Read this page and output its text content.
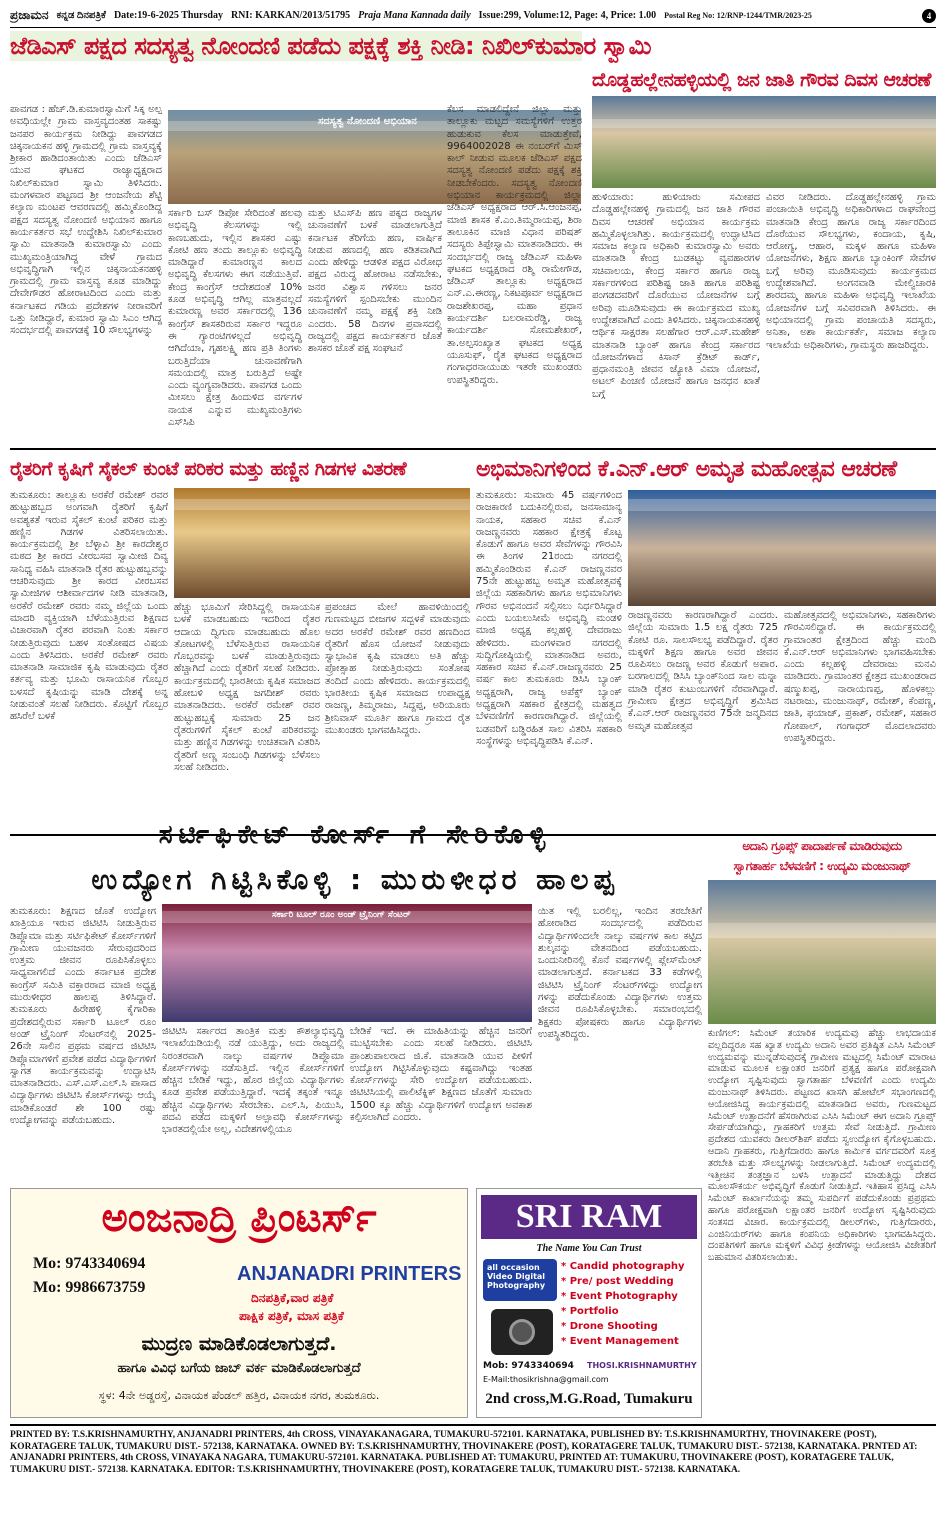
ಪ್ರಜಾಮನ ಕನ್ನಡ ದಿನಪತ್ರಿಕೆ Date:19-6-2025 Thursday RNI: KARKAN/2013/51795 Praja Mana Kannada daily Issue:299, Volume:12, Page: 4, Price: 1.00 Postal Reg No: 12/RNP-1244/TMR/2023-25	4
ಜೆಡಿಎಸ್ ಪಕ್ಷದ ಸದಸ್ಯತ್ವ ನೋಂದಣಿ ಪಡೆದು ಪಕ್ಷಕ್ಕೆ ಶಕ್ತಿ ನೀಡಿ: ನಿಖಿಲ್‌ಕುಮಾರ ಸ್ವಾಮಿ
ಸದಸ್ಯತ್ವ ನೋಂದಣಿ ಅಭಿಯಾನ
ಪಾವಗಡ : ಹೆಚ್.ಡಿ.ಕುಮಾರಸ್ವಾಮಿಗೆ ಸಿಕ್ಕ ಅಲ್ಪ ಅವಧಿಯಲ್ಲೇ ಗ್ರಾಮ ವಾಸ್ತವ್ಯದಂತಹ ಸಾಕಷ್ಟು ಜನಪರ ಕಾರ್ಯಕ್ರಮ ನೀಡಿದ್ದು ಪಾವಗಡದ ಚಿಕ್ಕನಾಯಕನ ಹಳ್ಳಿ ಗ್ರಾಮದಲ್ಲಿ ಗ್ರಾಮ ವಾಸ್ತವ್ಯಕ್ಕೆ ಶ್ರೀಕಾರ ಹಾಡಿದಂತಾಯಿತು ಎಂದು ಜೆಡಿಎಸ್ ಯುವ ಘಟಕದ ರಾಜ್ಯಾಧ್ಯಕ್ಷರಾದ ನಿಖಿಲ್‌ಕುಮಾರ ಸ್ವಾಮಿ ತಿಳಿಸಿದರು. ಮಂಗಳವಾರ ಪಟ್ಟಣದ ಶ್ರೀ ಆಂಜನೇಯ ಶೆಟ್ಟಿ ಕಲ್ಯಾಣ ಮಂಟಪ ಆವರಣದಲ್ಲಿ ಹಮ್ಮಿಕೊಂಡಿದ್ದ ಪಕ್ಷದ ಸದಸ್ಯತ್ವ ನೋಂದಣಿ ಅಭಿಯಾನ ಹಾಗೂ ಕಾರ್ಯಕರ್ತರ ಸಭೆ ಉದ್ದೇಶಿಸಿ ನಿಖಿಲ್‌ಕುಮಾರ ಸ್ವಾಮಿ ಮಾತನಾಡಿ ಕುಮಾರಸ್ವಾಮಿ ಎಂದು ಮುಖ್ಯಮಂತ್ರಿಯಾಗಿದ್ದ ವೇಳೆ ಗ್ರಾಮದ ಅಭಿವೃದ್ಧಿಗಾಗಿ ಇಲ್ಲಿನ ಚಿಕ್ಕನಾಯಕನಹಳ್ಳಿ ಗ್ರಾಮದಲ್ಲಿ ಗ್ರಾಮ ವಾಸ್ತವ್ಯ ಕೂಡ ಮಾಡಿದ್ದು ದೇವೇಗೌಡರ ಹೋರಾಟದಿಂದ ಎಂದು ಮತ್ತು ಕರ್ನಾಟಕದ ಗಡಿಯ ಪ್ರದೇಶಗಳ ನೀರಾವರಿಗೆ ಒತ್ತು ನೀಡಿದ್ದಾರೆ, ಕುಮಾರ ಸ್ವಾಮಿ ಸಿಎಂ ಆಗಿದ್ದ ಸಂದರ್ಭದಲ್ಲಿ ಪಾವಗಡಕ್ಕೆ 10 ಸೌಲಭ್ಯಗಳನ್ನು
ಸರ್ಕಾರಿ ಬಸ್ ಡಿಪೋ ಸೇರಿದಂತೆ ಹಲವು ಅಭಿವೃದ್ಧಿ ಕೆಲಸಗಳನ್ನು ಇಲ್ಲಿ ಕಾಣಬಹುದು, ಇಲ್ಲಿನ ಶಾಸಕರ ಎಷ್ಟು ಕೋಟಿ ಹಣ ತಂದು ತಾಲ್ಲೂಕು ಅಭಿವೃದ್ಧಿ ಮಾಡಿದ್ದಾರೆ ಕುಮಾರಣ್ಣನ ಕಾಲದ ಅಭಿವೃದ್ಧಿ ಕೆಲಸಗಳು ಈಗ ನಡೆಯುತ್ತಿವೆ. ಕೇಂದ್ರ ಕಾಂಗ್ರೆಸ್ ಆದೇಶದಂತೆ 10% ಕೂಡ ಅಭಿವೃದ್ಧಿ ಆಗಿಲ್ಲ ಮಾತ್ರವಲ್ಲದೆ ಕುಮಾರಣ್ಣ ಅವರ ಸರ್ಕಾರದಲ್ಲಿ 136 ಕಾಂಗ್ರೆಸ್ ಶಾಸಕರಿರುವ ಸರ್ಕಾರ ಇದ್ದರೂ ಈ ಗ್ಯಾರಂಟಿಗಳಲ್ಲದೆ ಅಭಿವೃದ್ಧಿ ಆಗಿದೆಯಾ, ಗೃಹಲಕ್ಷ್ಮಿ ಹಣ ಪ್ರತಿ ತಿಂಗಳು ಬರುತ್ತಿದೆಯಾ ಚುನಾವಣೆಗಾಗಿ ಸಮಯದಲ್ಲಿ ಮಾತ್ರ ಬರುತ್ತಿದೆ ಅಷ್ಟೇ ಎಂದು ವ್ಯಂಗ್ಯವಾಡಿದರು. ಪಾವಗಡ ಒಂದು ಮೀಸಲು ಕ್ಷೇತ್ರ ಹಿಂದುಳಿದ ವರ್ಗಗಳ ನಾಯಕ ಎನ್ನುವ ಮುಖ್ಯಮಂತ್ರಿಗಳು ಎಸ್‌ಸಿಪಿ
ಮತ್ತು ಟಿಎಸ್‌ಪಿ ಹಣ ಪಕ್ಕದ ರಾಜ್ಯಗಳ ಚುನಾವಣೆಗೆ ಬಳಕೆ ಮಾಡಲಾಗುತ್ತಿದೆ ಕರ್ನಾಟಕ ತೆರಿಗೆಯ ಹಣ, ವಾರ್ಷಿಕ ನೀಡುವ ಹಣದಲ್ಲಿ ಹಣ ಕಡಿತವಾಗಿದೆ ಎಂದು ಹೇಳಿದ್ದು ಆಡಳಿತ ಪಕ್ಷದ ವಿರೋಧ ಪಕ್ಷದ ವಿರುದ್ಧ ಹೋರಾಟ ನಡೆಸಬೇಕು, ಜನರ ವಿಶ್ವಾಸ ಗಳಿಸಲು ಜನರ ಸಮಸ್ಯೆಗಳಿಗೆ ಸ್ಪಂದಿಸಬೇಕು ಮುಂದಿನ ಚುನಾವಣೆಗೆ ನಮ್ಮ ಪಕ್ಷಕ್ಕೆ ಶಕ್ತಿ ನೀಡಿ ಎಂದರು. 58 ದಿನಗಳ ಪ್ರವಾಸದಲ್ಲಿ ರಾಜ್ಯದಲ್ಲಿ ಪಕ್ಷದ ಕಾರ್ಯಕರ್ತರ ಜೊತೆ ಶಾಸಕರ ಜೊತೆ ಪಕ್ಷ ಸಂಘಟನೆ
ಕೆಲಸ ಮಾಡಲಿದ್ದೇನೆ ಜಿಲ್ಲಾ ಮತ್ತು ತಾಲ್ಲೂಕು ಮಟ್ಟದ ಸಮಸ್ಯೆಗಳಿಗೆ ಉತ್ತರ ಹುಡುಕುವ ಕೆಲಸ ಮಾಡುತ್ತೇವೆ, 9964002028 ಈ ನಂಬರ್‌ಗೆ ಮಿಸ್ ಕಾಲ್ ನೀಡುವ ಮೂಲಕ ಜೆಡಿಎಸ್ ಪಕ್ಷದ ಸದಸ್ಯತ್ವ ನೋಂದಣಿ ಪಡೆದು ಪಕ್ಷಕ್ಕೆ ಶಕ್ತಿ ನೀಡಬೇಕೆಂದರು. ಸದಸ್ಯತ್ವ ನೋಂದಣಿ ಅಭಿಯಾನ ಕಾರ್ಯಕ್ರಮದಲ್ಲಿ ಜಿಲ್ಲಾ ಜೆಡಿಎಸ್ ಅಧ್ಯಕ್ಷರಾದ ಆರ್.ಸಿ.ಆಂಜನಪ್ಪ, ಮಾಜಿ ಶಾಸಕ ಕೆ.ಎಂ.ತಿಮ್ಮರಾಯಪ್ಪ, ಶಿರಾ ತಾಲೂಕಿನ ಮಾಜಿ ವಿಧಾನ ಪರಿಷತ್ ಸದಸ್ಯರು ತಿಪ್ಪೇಸ್ವಾಮಿ ಮಾತನಾಡಿದರು. ಈ ಸಂದರ್ಭದಲ್ಲಿ ರಾಜ್ಯ ಜೆಡಿಎಸ್ ಮಹಿಳಾ ಘಟಕದ ಅಧ್ಯಕ್ಷರಾದ ರಶ್ಮಿ ರಾಮೇಗೌಡ, ಜೆಡಿಎಸ್ ತಾಲ್ಲೂಕು ಅಧ್ಯಕ್ಷರಾದ ಎನ್.ಎ.ಈರಣ್ಣ, ನಿಕಟಪೂರ್ವ ಅಧ್ಯಕ್ಷರಾದ ರಾಜಶೇಖರಪ್ಪ, ಮಹಾ ಪ್ರಧಾನ ಕಾರ್ಯದರ್ಶಿ ಬಲರಾಮರೆಡ್ಡಿ, ರಾಜ್ಯ ಕಾರ್ಯದರ್ಶಿ ಸೋಮಶೇಖರ್, ತಾ.ಅಲ್ಪಸಂಖ್ಯಾತ ಘಟಕದ ಅಧ್ಯಕ್ಷ ಯೂಸುಫ್, ರೈತ ಘಟಕದ ಅಧ್ಯಕ್ಷರಾದ ಗಂಗಾಧರನಾಯುಡು ಇತರೇ ಮುಖಂಡರು ಉಪಸ್ಥಿತರಿದ್ದರು.
ದೊಡ್ಡಹಲ್ಲೇನಹಳ್ಳಿಯಲ್ಲಿ ಜನ ಜಾತಿ ಗೌರವ ದಿವಸ ಆಚರಣೆ
ಹುಳಿಯಾರು: ಹುಳಿಯಾರು ಸಮೀಪದ ದೊಡ್ಡಹಲ್ಲೇನಹಳ್ಳಿ ಗ್ರಾಮದಲ್ಲಿ ಜನ ಜಾತಿ ಗೌರವ ದಿವಸ ಆಚರಣೆ ಅಭಿಯಾನ ಕಾರ್ಯಕ್ರಮ ಹಮ್ಮಿಕೊಳ್ಳಲಾಗಿತ್ತು. ಕಾರ್ಯಕ್ರಮದಲ್ಲಿ ಉದ್ಘಾಟಿಸಿದ ಸಮಾಜ ಕಲ್ಯಾಣ ಅಧಿಕಾರಿ ಕುಮಾರಸ್ವಾಮಿ ಅವರು ಮಾತನಾಡಿ ಕೇಂದ್ರ ಬುಡಕಟ್ಟು ವ್ಯವಹಾರಗಳ ಸಚಿವಾಲಯ, ಕೇಂದ್ರ ಸರ್ಕಾರ ಹಾಗೂ ರಾಜ್ಯ ಸರ್ಕಾರಗಳಿಂದ ಪರಿಶಿಷ್ಟ ಜಾತಿ ಹಾಗೂ ಪರಿಶಿಷ್ಟ ಪಂಗಡದವರಿಗೆ ದೊರೆಯುವ ಯೋಜನೆಗಳ ಬಗ್ಗೆ ಅರಿವು ಮೂಡಿಸುವುದು ಈ ಕಾರ್ಯಕ್ರಮದ ಮುಖ್ಯ ಉದ್ದೇಶವಾಗಿದೆ ಎಂದು ತಿಳಿಸಿದರು. ಚಿಕ್ಕನಾಯಕನಹಳ್ಳಿ ಆರ್ಥಿಕ ಸಾಕ್ಷರತಾ ಸಲಹೆಗಾರ ಆರ್.ಎಸ್.ಮಹೇಶ್ ಮಾತನಾಡಿ ಬ್ಯಾಂಕ್ ಹಾಗೂ ಕೇಂದ್ರ ಸರ್ಕಾರದ ಯೋಜನೆಗಳಾದ ಕಿಸಾನ್ ಕ್ರೆಡಿಟ್ ಕಾರ್ಡ್, ಪ್ರಧಾನಮಂತ್ರಿ ಜೀವನ ಜ್ಯೋತಿ ವಿಮಾ ಯೋಜನೆ, ಅಟಲ್ ಪಿಂಚಣಿ ಯೋಜನೆ ಹಾಗೂ ಜನಧನ ಖಾತೆ ಬಗ್ಗೆ
ವಿವರ ನೀಡಿದರು. ದೊಡ್ಡಹಲ್ಲೇನಹಳ್ಳಿ ಗ್ರಾಮ ಪಂಚಾಯಿತಿ ಅಭಿವೃದ್ಧಿ ಅಧಿಕಾರಿಗಳಾದ ರಾಘವೇಂದ್ರ ಮಾತನಾಡಿ ಕೇಂದ್ರ ಹಾಗೂ ರಾಜ್ಯ ಸರ್ಕಾರದಿಂದ ದೊರೆಯುವ ಸೌಲಭ್ಯಗಳು, ಕಂದಾಯ, ಕೃಷಿ, ಆರೋಗ್ಯ, ಆಹಾರ, ಮಕ್ಕಳ ಹಾಗೂ ಮಹಿಳಾ ಯೋಜನೆಗಳು, ಶಿಕ್ಷಣ ಹಾಗೂ ಬ್ಯಾಂಕಿಂಗ್ ಸೇವೆಗಳ ಬಗ್ಗೆ ಅರಿವು ಮೂಡಿಸುವುದು ಕಾರ್ಯಕ್ರಮದ ಉದ್ದೇಶವಾಗಿದೆ. ಅಂಗನವಾಡಿ ಮೇಲ್ವಿಚಾರಕಿ ಶಾರದಮ್ಮ ಹಾಗೂ ಮಹಿಳಾ ಅಭಿವೃದ್ಧಿ ಇಲಾಖೆಯ ಯೋಜನೆಗಳ ಬಗ್ಗೆ ಸವಿವರವಾಗಿ ತಿಳಿಸಿದರು. ಈ ಅಭಿಯಾನದಲ್ಲಿ ಗ್ರಾಮ ಪಂಚಾಯತಿ ಸದಸ್ಯರು, ಅನಿತಾ, ಅಶಾ ಕಾರ್ಯಕರ್ತೆ, ಸಮಾಜ ಕಲ್ಯಾಣ ಇಲಾಖೆಯ ಅಧಿಕಾರಿಗಳು, ಗ್ರಾಮಸ್ಥರು ಹಾಜರಿದ್ದರು.
ರೈತರಿಗೆ ಕೃಷಿಗೆ ಸೈಕಲ್ ಕುಂಟೆ ಪರಿಕರ ಮತ್ತು ಹಣ್ಣಿನ ಗಿಡಗಳ ವಿತರಣೆ
ತುಮಕೂರು: ತಾಲ್ಲೂಕು ಅರಕೆರೆ ರಮೇಶ್ ರವರ ಹುಟ್ಟುಹಬ್ಬದ ಅಂಗವಾಗಿ ರೈತರಿಗೆ ಕೃಷಿಗೆ ಅವಶ್ಯಕತೆ ಇರುವ ಸೈಕಲ್ ಕುಂಟೆ ಪರಿಕರ ಮತ್ತು ಹಣ್ಣಿನ ಗಿಡಗಳ ವಿತರಿಸಲಾಯಿತು. ಕಾರ್ಯಕ್ರಮದಲ್ಲಿ ಶ್ರೀ ಬೆಳ್ಳಾವಿ ಶ್ರೀ ಕಾರದೇಶ್ವರ ಮಠದ ಶ್ರೀ ಕಾರದ ವೀರಬಸವ ಸ್ವಾಮೀಜಿ ದಿವ್ಯ ಸಾನಿಧ್ಯ ವಹಿಸಿ ಮಾತನಾಡಿ ರೈತರ ಹುಟ್ಟುಹಬ್ಬವನ್ನು ಆಚರಿಸುವುದು ಶ್ರೀ ಕಾರದ ವೀರಬಸವ ಸ್ವಾಮೀಜಿಗಳ ಆಶೀರ್ವಾದಗಳ ನೀಡಿ ಮಾತನಾಡಿ, ಅರಕೆರೆ ರಮೇಶ್ ರವರು ನಮ್ಮ ಜಿಲ್ಲೆಯ ಒಂದು ಮಾದರಿ ವ್ಯಕ್ತಿಯಾಗಿ ಬೆಳೆಯುತ್ತಿರುವ ಶಿಕ್ಷಣದ ವಿಚಾರವಾಗಿ ರೈತರ ಪರವಾಗಿ ನಿಂತು ಸರ್ಕಾರ ನೀಡುತ್ತಿರುವುದು ಬಹಳ ಸಂತೋಷದ ವಿಷಯ ಎಂದು ತಿಳಿಸಿದರು. ಅರಕೆರೆ ರಮೇಶ್ ರವರು ಮಾತನಾಡಿ ಸಾಮಾಜಿಕ ಕೃಷಿ ಮಾಡುವುದು ರೈತರ ಕರ್ತವ್ಯ ಮತ್ತು ಭೂಮಿ ರಾಸಾಯನಿಕ ಗೊಬ್ಬರ ಬಳಸದೆ ಕೃಷಿಯನ್ನು ಮಾಡಿ ದೇಶಕ್ಕೆ ಅನ್ನ ನೀಡುವಂತೆ ಸಲಹೆ ನೀಡಿದರು. ಕೊಟ್ಟಿಗೆ ಗೊಬ್ಬರ ಹಸಿರೆಲೆ ಬಳಕೆ
ಹೆಚ್ಚು ಭೂಮಿಗೆ ಸೇರಿಸಿದ್ದಲ್ಲಿ ರಾಸಾಯನಿಕ ಬಳಕೆ ಮಾಡಬಹುದು ಇದರಿಂದ ರೈತರ ಆದಾಯ ದ್ವಿಗುಣ ಮಾಡಬಹುದು ಹೊಲ ತೋಟಗಳಲ್ಲಿ ಬೆಳೆಸುತ್ತಿರುವ ರಾಸಾಯನಿಕ ಗೊಬ್ಬರವನ್ನು ಬಳಕೆ ಮಾಡುತ್ತಿರುವುದು ಹೆಚ್ಚಾಗಿದೆ ಎಂದು ರೈತರಿಗೆ ಸಲಹೆ ನೀಡಿದರು. ಕಾರ್ಯಕ್ರಮದಲ್ಲಿ ಭಾರತೀಯ ಕೃಷಿಕ ಸಮಾಜದ ಹೋಬಳಿ ಅಧ್ಯಕ್ಷ ಜಗದೀಶ್ ರವರು ಮಾತನಾಡಿದರು. ಅರಕೆರೆ ರಮೇಶ್ ರವರ ಹುಟ್ಟುಹಬ್ಬಕ್ಕೆ ಸುಮಾರು 25 ಜನ ರೈತರುಗಳಿಗೆ ಸೈಕಲ್ ಕುಂಟೆ ಪರಿಕರವನ್ನು ಮತ್ತು ಹಣ್ಣಿನ ಗಿಡಗಳನ್ನು ಉಚಿತವಾಗಿ ವಿತರಿಸಿ ರೈತರಿಗೆ ಅಣ್ಣ ಸಂಬಂಧಿ ಗಿಡಗಳನ್ನು ಬೆಳೆಸಲು ಸಲಹೆ ನೀಡಿದರು.
ಪ್ರಪಂಚದ ಮೇಲೆ ಹಾವಳಿಯಿಂದಲ್ಲಿ ಗುಣಮಟ್ಟದ ಬೀಜಗಳ ಸದ್ಬಳಕೆ ಮಾಡುವುದು ಅದರ ಅರಕೆರೆ ರಮೇಶ್ ರವರ ಹಣದಿಂದ ರೈತರಿಗೆ ಹೊಸ ಯೋಜನೆ ನೀಡುವುದು ಸ್ವಾಭಾವಿಕ ಕೃಷಿ ಮಾಡಲು ಅತಿ ಹೆಚ್ಚು ಪ್ರೋತ್ಸಾಹ ನೀಡುತ್ತಿರುವುದು ಸಂತೋಷ ತಂದಿದೆ ಎಂದು ಹೇಳಿದರು. ಕಾರ್ಯಕ್ರಮದಲ್ಲಿ ಭಾರತೀಯ ಕೃಷಿಕ ಸಮಾಜದ ಉಪಾಧ್ಯಕ್ಷ ರಾಜಣ್ಣ, ತಿಮ್ಮರಾಜು, ಸಿದ್ದಪ್ಪ, ಅರಿಯೂರು ಶ್ರೀನಿವಾಸ್ ಮೂರ್ತಿ ಹಾಗೂ ಗ್ರಾಮದ ರೈತ ಮುಖಂಡರು ಭಾಗವಹಿಸಿದ್ದರು.
ಅಭಿಮಾನಿಗಳಿಂದ ಕೆ.ಎನ್.ಆರ್ ಅಮೃತ ಮಹೋತ್ಸವ ಆಚರಣೆ
ತುಮಕೂರು: ಸುಮಾರು 45 ವರ್ಷಗಳಿಂದ ರಾಜಕಾರಣಿ ಬದುಕಿನಲ್ಲಿರುವ, ಜನಸಾಮಾನ್ಯ ನಾಯಕ, ಸಹಕಾರ ಸಚಿವ ಕೆ.ಎನ್ ರಾಜಣ್ಣನವರು ಸಹಕಾರ ಕ್ಷೇತ್ರಕ್ಕೆ ಕೊಟ್ಟ ಕೊಡುಗೆ ಹಾಗೂ ಅವರ ಸೇವೆಗಳನ್ನು ಗೌರವಿಸಿ ಈ ತಿಂಗಳ 21ರಂದು ನಗರದಲ್ಲಿ ಹಮ್ಮಿಕೊಂಡಿರುವ ಕೆ.ಎನ್ ರಾಜಣ್ಣನವರ 75ನೇ ಹುಟ್ಟುಹಬ್ಬ ಅಮೃತ ಮಹೋತ್ಸವಕ್ಕೆ ಜಿಲ್ಲೆಯ ಸಹಕಾರಿಗಳು ಹಾಗೂ ಅಭಿಮಾನಿಗಳು ಗೌರವ ಅಭಿನಂದನೆ ಸಲ್ಲಿಸಲು ನಿರ್ಧರಿಸಿದ್ದಾರೆ ಎಂದು ಬಯಲುಸೀಮೆ ಅಭಿವೃದ್ಧಿ ಮಂಡಳಿ ಮಾಜಿ ಅಧ್ಯಕ್ಷ ಕಲ್ಲಹಳ್ಳಿ ದೇವರಾಜು ಹೇಳಿದರು. ಮಂಗಳವಾರ ನಗರದಲ್ಲಿ ಸುದ್ದಿಗೋಷ್ಠಿಯಲ್ಲಿ ಮಾತನಾಡಿದ ಅವರು, ಸಹಕಾರ ಸಚಿವ ಕೆ.ಎನ್.ರಾಜಣ್ಣನವರು 25 ವರ್ಷ ಕಾಲ ತುಮಕೂರು ಡಿಸಿಸಿ ಬ್ಯಾಂಕ್ ಅಧ್ಯಕ್ಷರಾಗಿ, ರಾಜ್ಯ ಅಪೆಕ್ಸ್ ಬ್ಯಾಂಕ್ ಅಧ್ಯಕ್ಷರಾಗಿ ಸಹಕಾರ ಕ್ಷೇತ್ರದಲ್ಲಿ ಮಹತ್ವದ ಬೆಳವಣಿಗೆಗೆ ಕಾರಣರಾಗಿದ್ದಾರೆ. ಜಿಲ್ಲೆಯಲ್ಲಿ ಬಡವರಿಗೆ ಬಡ್ಡಿರಹಿತ ಸಾಲ ವಿತರಿಸಿ ಸಹಕಾರಿ ಸಂಸ್ಥೆಗಳನ್ನು ಅಭಿವೃದ್ಧಿಪಡಿಸಿ ಕೆ.ಎನ್.
ರಾಜಣ್ಣನವರು ಕಾರಣರಾಗಿದ್ದಾರೆ ಎಂದರು. ಜಿಲ್ಲೆಯ ಸುಮಾರು 1.5 ಲಕ್ಷ ರೈತರು 725 ಕೋಟಿ ರೂ. ಸಾಲಸೌಲಭ್ಯ ಪಡೆದಿದ್ದಾರೆ. ರೈತರ ಮಕ್ಕಳಿಗೆ ಶಿಕ್ಷಣ ಹಾಗೂ ಅವರ ಜೀವನ ರೂಪಿಸಲು ರಾಜಣ್ಣ ಅವರ ಕೊಡುಗೆ ಅಪಾರ. ಬರಗಾಲದಲ್ಲಿ ಡಿಸಿಸಿ ಬ್ಯಾಂಕ್‌ನಿಂದ ಸಾಲ ಮನ್ನಾ ಮಾಡಿ ರೈತರ ಕುಟುಂಬಗಳಿಗೆ ನೆರವಾಗಿದ್ದಾರೆ. ಗ್ರಾಮೀಣ ಕ್ಷೇತ್ರದ ಅಭಿವೃದ್ಧಿಗೆ ಶ್ರಮಿಸಿದ ಕೆ.ಎನ್.ಆರ್ ರಾಜಣ್ಣನವರ 75ನೇ ಜನ್ಮದಿನದ ಅಮೃತ ಮಹೋತ್ಸವ
ಮಹೋತ್ಸವದಲ್ಲಿ ಅಭಿಮಾನಿಗಳು, ಸಹಕಾರಿಗಳು ಗೌರವಿಸಲಿದ್ದಾರೆ. ಈ ಕಾರ್ಯಕ್ರಮದಲ್ಲಿ ಗ್ರಾಮಾಂತರ ಕ್ಷೇತ್ರದಿಂದ ಹೆಚ್ಚು ಮಂದಿ ಕೆ.ಎನ್.ಆರ್ ಅಭಿಮಾನಿಗಳು ಭಾಗವಹಿಸಬೇಕು ಎಂದು ಕಲ್ಲಹಳ್ಳಿ ದೇವರಾಜು ಮನವಿ ಮಾಡಿದರು. ಗ್ರಾಮಾಂತರ ಕ್ಷೇತ್ರದ ಮುಖಂಡರಾದ ಷಣ್ಮುಖಪ್ಪ, ನಾರಾಯಣಪ್ಪ, ಹೊಳಕಲ್ಲು ನಟರಾಜು, ಮಂಜುನಾಥ್, ರಮೇಶ್, ಕೆಂಪಣ್ಣ, ಜಾತಿ, ಫಯಾಜ್, ಪ್ರಕಾಶ್, ರಮೇಶ್, ಸಹಕಾರ ಗೋಪಾಲ್, ಗಂಗಾಧರ್ ಮೊದಲಾದವರು ಉಪಸ್ಥಿತರಿದ್ದರು.
ಸರ್ಟಿಫಿಕೇಟ್ ಕೋರ್ಸ್ ಗೆ ಸೇರಿಕೊಳ್ಳಿ
ಉದ್ಯೋಗ ಗಿಟ್ಟಿಸಿಕೊಳ್ಳಿ : ಮುರುಳೀಧರ ಹಾಲಪ್ಪ
ಸರ್ಕಾರಿ ಟೂಲ್ ರೂಂ ಅಂಡ್ ಟ್ರೈನಿಂಗ್ ಸೆಂಟರ್
ತುಮಕೂರು: ಶಿಕ್ಷಣದ ಜೊತೆ ಉದ್ಯೋಗ ಖಾತ್ರಿಯೂ ಇರುವ ಜಿಟಿಟಿಸಿ ನೀಡುತ್ತಿರುವ ಡಿಪ್ಲೊಮಾ ಮತ್ತು ಸರ್ಟಿಫಿಕೇಟ್ ಕೋರ್ಸ್‌ಗಳಿಗೆ ಗ್ರಾಮೀಣ ಯುವಜನರು ಸೇರುವುದರಿಂದ ಉತ್ತಮ ಜೀವನ ರೂಪಿಸಿಕೊಳ್ಳಲು ಸಾಧ್ಯವಾಗಲಿದೆ ಎಂದು ಕರ್ನಾಟಕ ಪ್ರದೇಶ ಕಾಂಗ್ರೆಸ್ ಸಮಿತಿ ವಕ್ತಾರರಾದ ಮಾಜಿ ಅಧ್ಯಕ್ಷ ಮುರುಳೀಧರ ಹಾಲಪ್ಪ ತಿಳಿಸಿದ್ದಾರೆ. ತುಮಕೂರು ಹಿರೇಹಳ್ಳಿ ಕೈಗಾರಿಕಾ ಪ್ರದೇಶದಲ್ಲಿರುವ ಸರ್ಕಾರಿ ಟೂಲ್ ರೂಂ ಅಂಡ್ ಟ್ರೈನಿಂಗ್ ಸೆಂಟರ್‌ನಲ್ಲಿ 2025-26ನೇ ಸಾಲಿನ ಪ್ರಥಮ ವರ್ಷದ ಜಿಟಿಟಿಸಿ ಡಿಪ್ಲೊಮಾಗಳಿಗೆ ಪ್ರವೇಶ ಪಡೆದ ವಿದ್ಯಾರ್ಥಿಗಳಿಗೆ ಸ್ವಾಗತ ಕಾರ್ಯಕ್ರಮವನ್ನು ಉದ್ಘಾಟಿಸಿ ಮಾತನಾಡಿದರು. ಎಸ್.ಎಸ್.ಎಲ್.ಸಿ ಪಾಸಾದ ವಿದ್ಯಾರ್ಥಿಗಳು ಜಿಟಿಟಿಸಿ ಕೋರ್ಸ್‌ಗಳನ್ನು ಆಯ್ಕೆ ಮಾಡಿಕೊಂಡರೆ ಶೇ 100 ರಷ್ಟು ಉದ್ಯೋಗವನ್ನು ಪಡೆಯಬಹುದು.
ಜಿಟಿಟಿಸಿ ಸರ್ಕಾರದ ತಾಂತ್ರಿಕ ಮತ್ತು ಕೌಶಲ್ಯಾಭಿವೃದ್ಧಿ ಇಲಾಖೆಯಡಿಯಲ್ಲಿ ನಡೆ ಯುತ್ತಿದ್ದು, ಅದು ರಾಜ್ಯದಲ್ಲಿ ನಿರಂತರವಾಗಿ ನಾಲ್ಕು ವರ್ಷಗಳ ಡಿಪ್ಲೊಮಾ ಕೋರ್ಸ್‌ಗಳನ್ನು ನಡೆಸುತ್ತಿದೆ. ಇಲ್ಲಿನ ಕೋರ್ಸ್‌ಗಳಿಗೆ ಹೆಚ್ಚಿನ ಬೇಡಿಕೆ ಇದ್ದು, ಹೊರ ಜಿಲ್ಲೆಯ ವಿದ್ಯಾರ್ಥಿಗಳು ಕೂಡ ಪ್ರವೇಶ ಪಡೆಯುತ್ತಿದ್ದಾರೆ. ಇದಕ್ಕೆ ತಕ್ಕಂತೆ ಇನ್ನೂ ಹೆಚ್ಚಿನ ವಿದ್ಯಾರ್ಥಿಗಳು ಸೇರಬೇಕು. ಎಲ್.ಸಿ, ಪಿಯುಸಿ, ಪದವಿ ಪಡೆದ ಮಕ್ಕಳಿಗೆ ಅಲ್ಪಾವಧಿ ಕೋರ್ಸ್‌ಗಳನ್ನು ಭಾರತದಲ್ಲಿಯೇ ಅಲ್ಲ, ವಿದೇಶಗಳಲ್ಲಿಯೂ
ಬೇಡಿಕೆ ಇದೆ. ಈ ಮಾಹಿತಿಯನ್ನು ಹೆಚ್ಚಿನ ಜನರಿಗೆ ಮುಟ್ಟಿಸಬೇಕು ಎಂದು ಸಲಹೆ ನೀಡಿದರು. ಜಿಟಿಟಿಸಿ ಪ್ರಾಂಶುಪಾಲರಾದ ಜಿ.ಕೆ. ಮಾತನಾಡಿ ಯುವ ಪೀಳಿಗೆ ಉದ್ಯೋಗ ಗಿಟ್ಟಿಸಿಕೊಳ್ಳುವುದು ಕಷ್ಟವಾಗಿದ್ದು ಇಂತಹ ಕೋರ್ಸ್‌ಗಳನ್ನು ಸೇರಿ ಉದ್ಯೋಗ ಪಡೆಯಬಹುದು. ಜಿಟಿಟಿಸಿಯಲ್ಲಿ ಪಾಲಿಟೆಕ್ನಿಕ್ ಶಿಕ್ಷಣದ ಜೊತೆಗೆ ಸುಮಾರು 1500 ಕ್ಕೂ ಹೆಚ್ಚು ವಿದ್ಯಾರ್ಥಿಗಳಿಗೆ ಉದ್ಯೋಗ ಅವಕಾಶ ಕಲ್ಪಿಸಲಾಗಿದೆ ಎಂದರು.
ಯಿತ ಇಲ್ಲಿ ಬರಲಿಲ್ಲ, ಇಂದಿನ ತರಬೇತಿಗೆ ಹೋರಾಡಿದ ಸಂದರ್ಭದಲ್ಲಿ ಪಡೆದಿರುವ ವಿದ್ಯಾರ್ಥಿಗಳಿಂದಲೇ ನಾಲ್ಕು ವರ್ಷಗಳ ಕಾಲ ಕಟ್ಟಿದ ಶುಲ್ಕವನ್ನು ವೇತನದಿಂದ ಪಡೆಯಬಹುದು. ಒಂದುನೀರಿನಲ್ಲಿ ಕೊನೆ ವರ್ಷಗಳಲ್ಲಿ ಪ್ಲೇಸ್‌ಮೆಂಟ್ ಮಾಡಲಾಗುತ್ತದೆ. ಕರ್ನಾಟಕದ 33 ಕಡೆಗಳಲ್ಲಿ ಜಿಟಿಟಿಸಿ ಟ್ರೈನಿಂಗ್ ಸೆಂಟರ್‌ಗಳಿದ್ದು ಉದ್ಯೋಗ ಗಳನ್ನು ಪಡೆದುಕೊಂಡು ವಿದ್ಯಾರ್ಥಿಗಳು ಉತ್ತಮ ಜೀವನ ರೂಪಿಸಿಕೊಳ್ಳಬೇಕು. ಸಮಾರಂಭದಲ್ಲಿ ಶಿಕ್ಷಕರು ಪೋಷಕರು ಹಾಗೂ ವಿದ್ಯಾರ್ಥಿಗಳು ಉಪಸ್ಥಿತರಿದ್ದರು.
ಅದಾನಿ ಗ್ರೂಪ್ಸ್ ಪಾದಾರ್ಪಣೆ ಮಾಡಿರುವುದು
ಸ್ವಾಗತಾರ್ಹ ಬೆಳವಣಿಗೆ : ಉದ್ಯಮಿ ಮಂಜುನಾಥ್
ಕುಣಿಗಲ್: ಸಿಮೆಂಟ್ ತಯಾರಿಕ ಉದ್ಯಮವು ಹೆಚ್ಚು ಲಾಭದಾಯಕ ವಲ್ಲದಿದ್ದರೂ ಸಹ ಖ್ಯಾತ ಉದ್ಯಮಿ ಅದಾನಿ ಅವರ ಪ್ರತಿಷ್ಠಿತ ಎಸಿಸಿ ಸಿಮೆಂಟ್ ಉದ್ಯಮವನ್ನು ಮುನ್ನಡೆಸುವುದಕ್ಕೆ ಗ್ರಾಮೀಣ ಮಟ್ಟದಲ್ಲಿ ಸಿಮೆಂಟ್ ಮಾರಾಟ ಮಾಡುವ ಮೂಲಕ ಲಕ್ಷಾಂತರ ಜನರಿಗೆ ಪ್ರತ್ಯಕ್ಷ ಹಾಗೂ ಪರೋಕ್ಷವಾಗಿ ಉದ್ಯೋಗ ಸೃಷ್ಟಿಸುವುದು ಸ್ವಾಗತಾರ್ಹ ಬೆಳವಣಿಗೆ ಎಂದು ಉದ್ಯಮಿ ಮಂಜುನಾಥ್ ತಿಳಿಸಿದರು. ಪಟ್ಟಣದ ಖಾಸಗಿ ಹೋಟೆಲ್ ಸಭಾಂಗಣದಲ್ಲಿ ಆಯೋಜಿಸಿದ್ದ ಕಾರ್ಯಕ್ರಮದಲ್ಲಿ ಮಾತನಾಡಿದ ಅವರು, ಗುಣಮಟ್ಟದ ಸಿಮೆಂಟ್ ಉತ್ಪಾದನೆಗೆ ಹೆಸರಾಗಿರುವ ಎಸಿಸಿ ಸಿಮೆಂಟ್ ಈಗ ಅದಾನಿ ಗ್ರೂಪ್ಸ್ ಸೇರ್ಪಡೆಯಾಗಿದ್ದು, ಗ್ರಾಹಕರಿಗೆ ಉತ್ತಮ ಸೇವೆ ನೀಡುತ್ತಿದೆ. ಗ್ರಾಮೀಣ ಪ್ರದೇಶದ ಯುವಕರು ಡೀಲರ್‌ಶಿಪ್ ಪಡೆದು ಸ್ವಉದ್ಯೋಗ ಕೈಗೊಳ್ಳಬಹುದು. ಆದಾನಿ ಗ್ರಾಹಕರು, ಗುತ್ತಿಗೆದಾರರು ಹಾಗೂ ಕಾರ್ಮಿಕ ವರ್ಗದವರಿಗೆ ಸೂಕ್ತ ತರಬೇತಿ ಮತ್ತು ಸೌಲಭ್ಯಗಳನ್ನು ನೀಡಲಾಗುತ್ತಿದೆ. ಸಿಮೆಂಟ್ ಉದ್ಯಮದಲ್ಲಿ ಇತ್ತೀಚಿನ ತಂತ್ರಜ್ಞಾನ ಬಳಸಿ ಉತ್ಪಾದನೆ ಮಾಡುತ್ತಿದ್ದು ದೇಶದ ಮೂಲಸೌಕರ್ಯ ಅಭಿವೃದ್ಧಿಗೆ ಕೊಡುಗೆ ನೀಡುತ್ತಿದೆ. ಇತಿಹಾಸ ಪ್ರಸಿದ್ಧ ಎಸಿಸಿ ಸಿಮೆಂಟ್ ಕಾರ್ಖಾನೆಯನ್ನು ತಮ್ಮ ಸುಪರ್ದಿಗೆ ಪಡೆದುಕೊಂಡು ಪ್ರಪ್ರಥಮ ಹಾಗೂ ಪರೋಕ್ಷವಾಗಿ ಲಕ್ಷಾಂತರ ಜನರಿಗೆ ಉದ್ಯೋಗ ಸೃಷ್ಟಿಸಿರುವುದು ಸಂತಸದ ವಿಚಾರ. ಕಾರ್ಯಕ್ರಮದಲ್ಲಿ ಡೀಲರ್‌ಗಳು, ಗುತ್ತಿಗೆದಾರರು, ಎಂಜಿನಿಯರ್‌ಗಳು ಹಾಗೂ ಕಂಪನಿಯ ಅಧಿಕಾರಿಗಳು ಭಾಗವಹಿಸಿದ್ದರು. ದಂಪತಿಗಳಿಗೆ ಹಾಗೂ ಮಕ್ಕಳಿಗೆ ವಿವಿಧ ಕ್ರೀಡೆಗಳನ್ನು ಆಯೋಜಿಸಿ ವಿಜೇತರಿಗೆ ಬಹುಮಾನ ವಿತರಿಸಲಾಯಿತು.
ಅಂಜನಾದ್ರಿ ಪ್ರಿಂಟರ್ಸ್
Mo: 9743340694
Mo: 9986673759
ANJANADRI PRINTERS
ದಿನಪತ್ರಿಕೆ,ವಾರ ಪತ್ರಿಕೆ
ಪಾಕ್ಷಿಕ ಪತ್ರಿಕೆ, ಮಾಸ ಪತ್ರಿಕೆ
ಮುದ್ರಣ ಮಾಡಿಕೊಡಲಾಗುತ್ತದೆ.
ಹಾಗೂ ವಿವಿಧ ಬಗೆಯ ಜಾಬ್ ವರ್ಕ ಮಾಡಿಕೊಡಲಾಗುತ್ತದೆ
ಸ್ಥಳ: 4ನೇ ಅಡ್ಡರಸ್ತೆ, ವಿನಾಯಕ ಪೆಂಡಲ್ ಹತ್ತಿರ, ವಿನಾಯಕ ನಗರ, ತುಮಕೂರು.
SRI RAM
The Name You Can Trust
all occasion Video Digital Photography
* Candid photography
* Pre/ post Wedding
* Event Photography
* Portfolio
* Drone Shooting
* Event Management
Mob: 9743340694 THOSI.KRISHNAMURTHY
E-Mail:thosikrishna@gmail.com
2nd cross,M.G.Road, Tumakuru
PRINTED BY: T.S.KRISHNAMURTHY, ANJANADRI PRINTERS, 4th CROSS, VINAYAKANAGARA, TUMAKURU-572101. KARNATAKA, PUBLISHED BY: T.S.KRISHNAMURTHY, THOVINAKERE (POST), KORATAGERE TALUK, TUMAKURU DIST.- 572138, KARNATAKA. OWNED BY: T.S.KRISHNAMURTHY, THOVINAKERE (POST), KORATAGERE TALUK, TUMAKURU DIST.- 572138, KARNATAKA. PRNTED AT: ANJANADRI PRINTERS, 4th CROSS, VINAYAKA NAGARA, TUMAKURU-572101. KARNATAKA. PUBLISHED AT: TUMAKURU, PRINTED AT: TUMAKURU, THOVINAKERE (POST), KORATAGERE TALUK, TUMAKURU DIST.- 572138. KARNATAKA. EDITOR: T.S.KRISHNAMURTHY, THOVINAKERE (POST), KORATAGERE TALUK, TUMAKURU DIST.- 572138. KARNATAKA.
